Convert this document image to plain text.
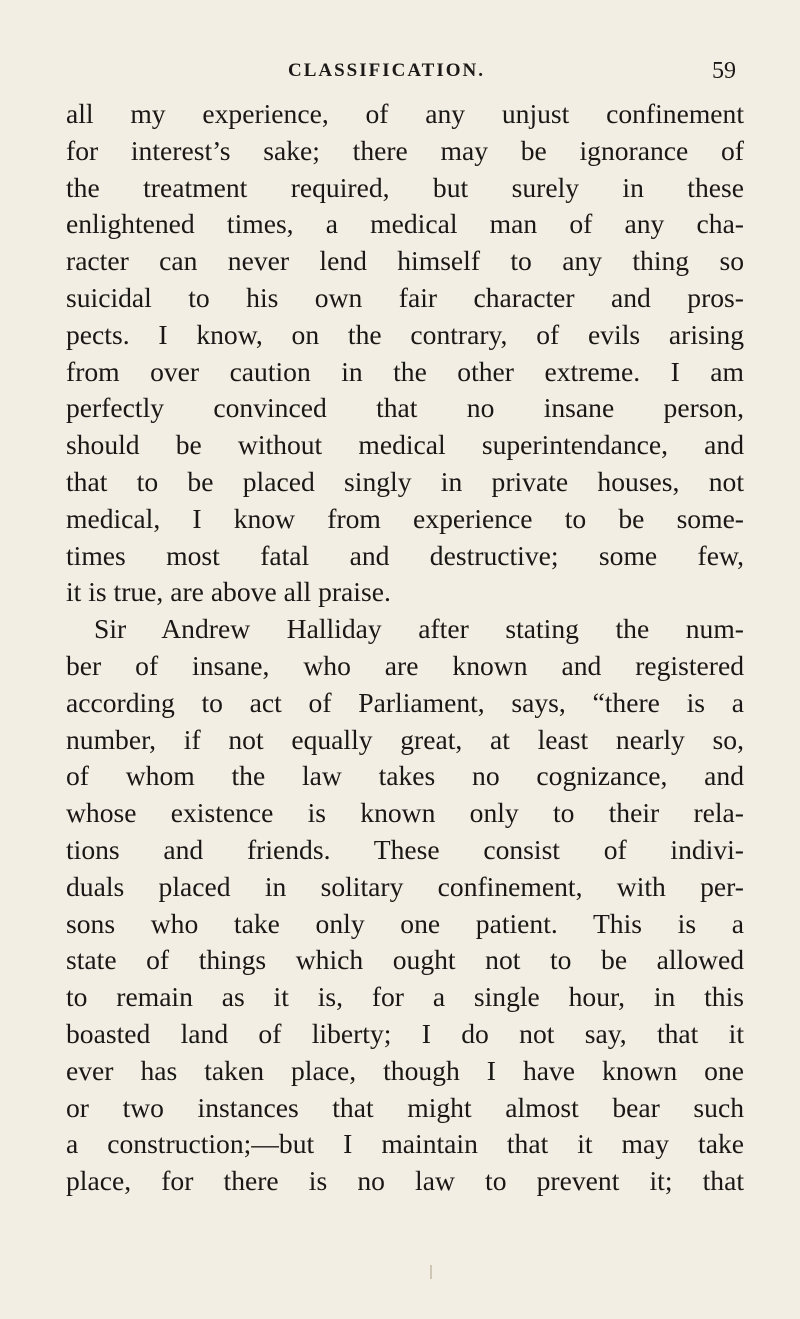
CLASSIFICATION.	59
all my experience, of any unjust confinement
for interest’s sake; there may be ignorance of
the treatment required, but surely in these
enlightened times, a medical man of any cha-
racter can never lend himself to any thing so
suicidal to his own fair character and pros-
pects. I know, on the contrary, of evils arising
from over caution in the other extreme. I am
perfectly convinced that no insane person,
should be without medical superintendance, and
that to be placed singly in private houses, not
medical, I know from experience to be some-
times most fatal and destructive; some few,
it is true, are above all praise.
Sir Andrew Halliday after stating the num-
ber of insane, who are known and registered
according to act of Parliament, says, “there is a
number, if not equally great, at least nearly so,
of whom the law takes no cognizance, and
whose existence is known only to their rela-
tions and friends. These consist of indivi-
duals placed in solitary confinement, with per-
sons who take only one patient. This is a
state of things which ought not to be allowed
to remain as it is, for a single hour, in this
boasted land of liberty; I do not say, that it
ever has taken place, though I have known one
or two instances that might almost bear such
a construction;—but I maintain that it may take
place, for there is no law to prevent it; that
